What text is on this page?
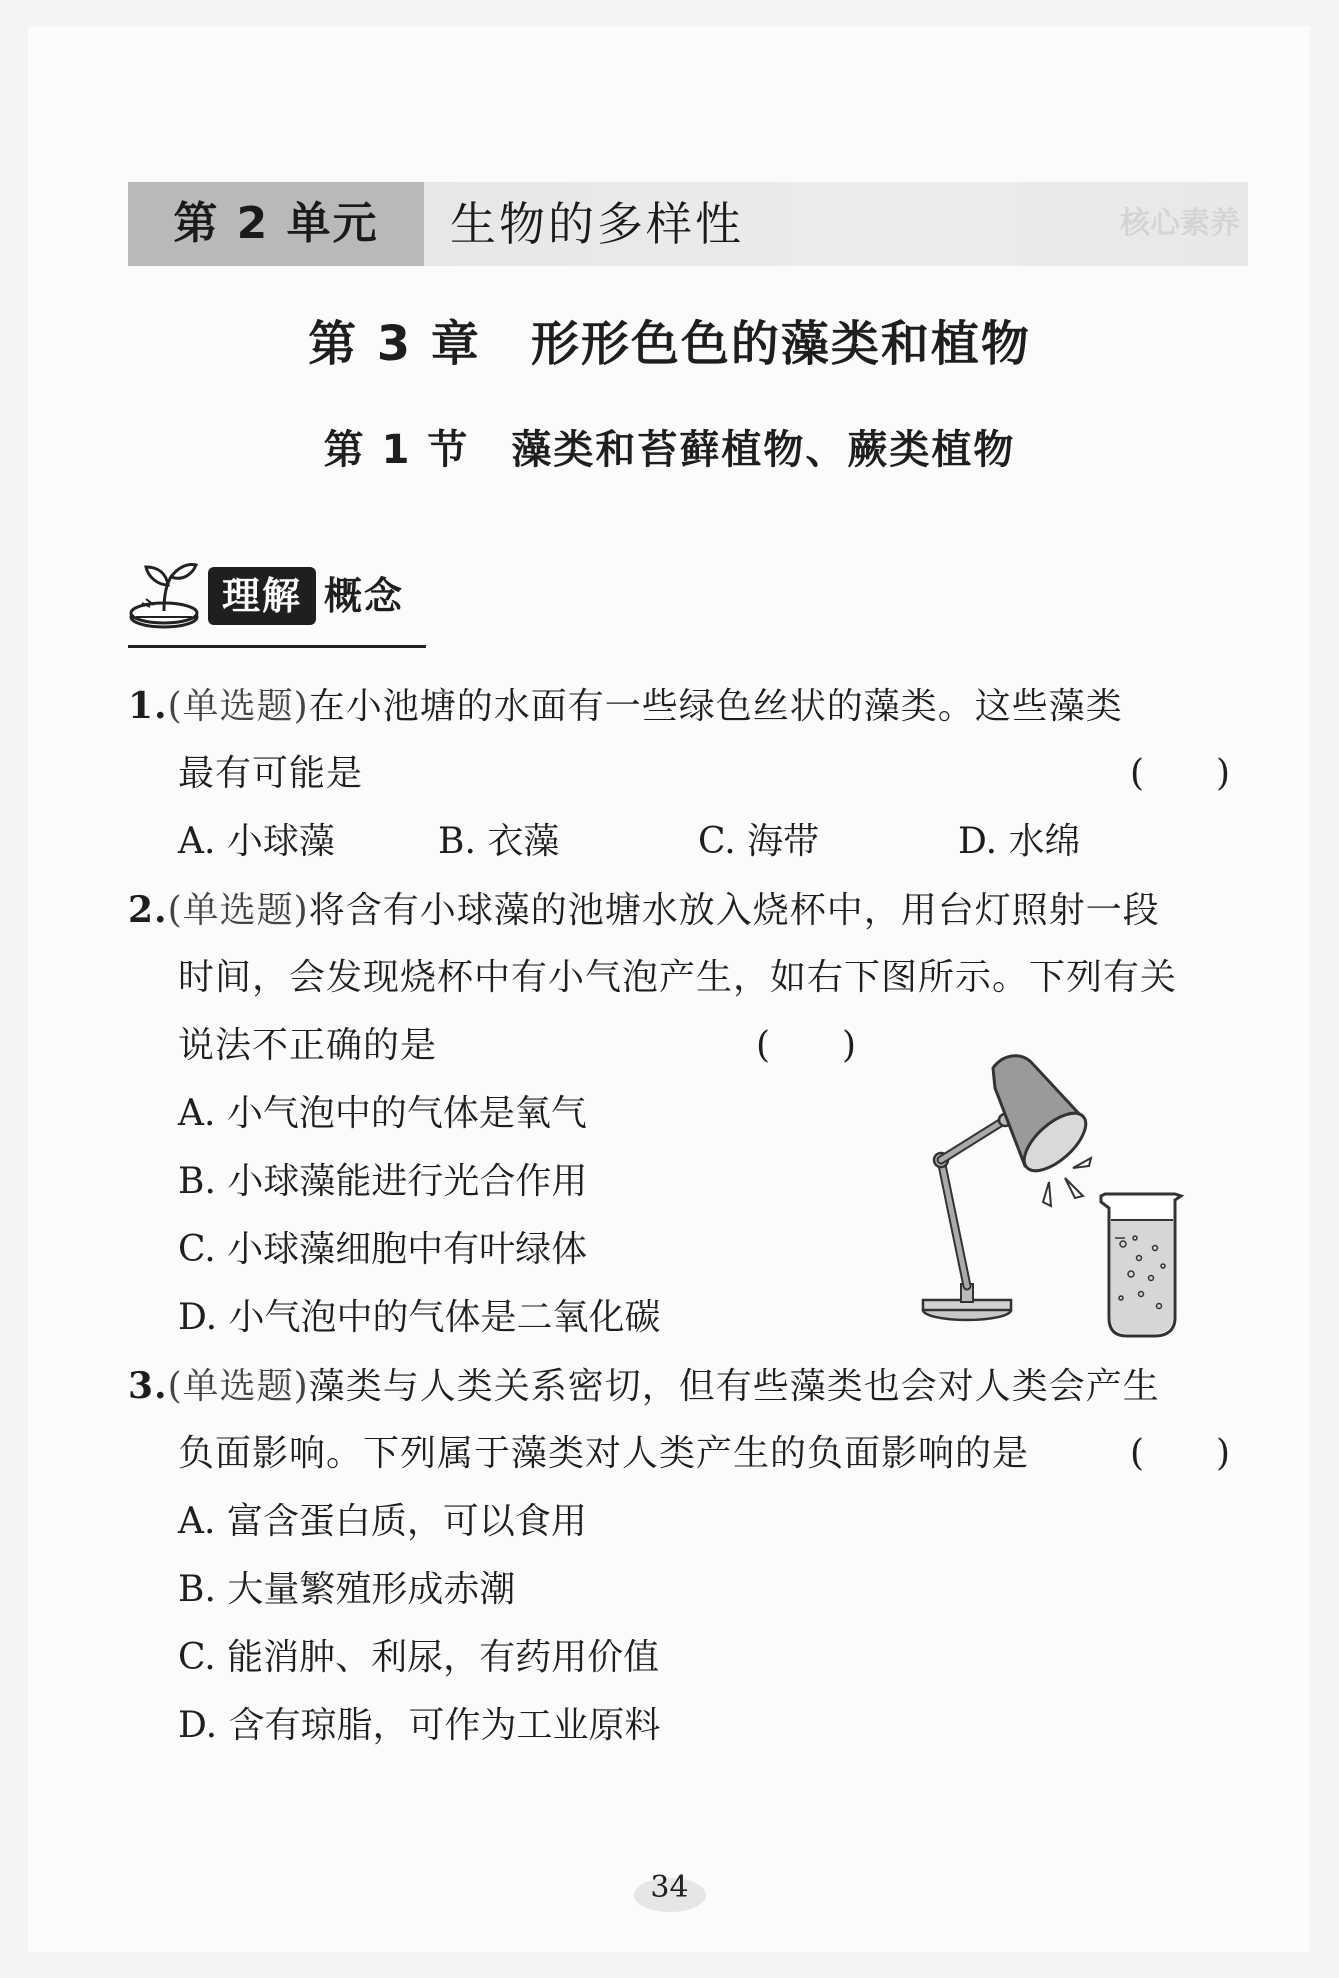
第 2 单元	生物的多样性	核心素养
第 3 章　形形色色的藻类和植物
第 1 节　藻类和苔藓植物、蕨类植物
理解 概念
1.(单选题)在小池塘的水面有一些绿色丝状的藻类。这些藻类
最有可能是	(　　)
A. 小球藻	B. 衣藻	C. 海带	D. 水绵
2.(单选题)将含有小球藻的池塘水放入烧杯中，用台灯照射一段
时间，会发现烧杯中有小气泡产生，如右下图所示。下列有关
说法不正确的是	(　　)
A. 小气泡中的气体是氧气
B. 小球藻能进行光合作用
C. 小球藻细胞中有叶绿体
D. 小气泡中的气体是二氧化碳
3.(单选题)藻类与人类关系密切，但有些藻类也会对人类会产生
负面影响。下列属于藻类对人类产生的负面影响的是	(　　)
A. 富含蛋白质，可以食用
B. 大量繁殖形成赤潮
C. 能消肿、利尿，有药用价值
D. 含有琼脂，可作为工业原料
34
